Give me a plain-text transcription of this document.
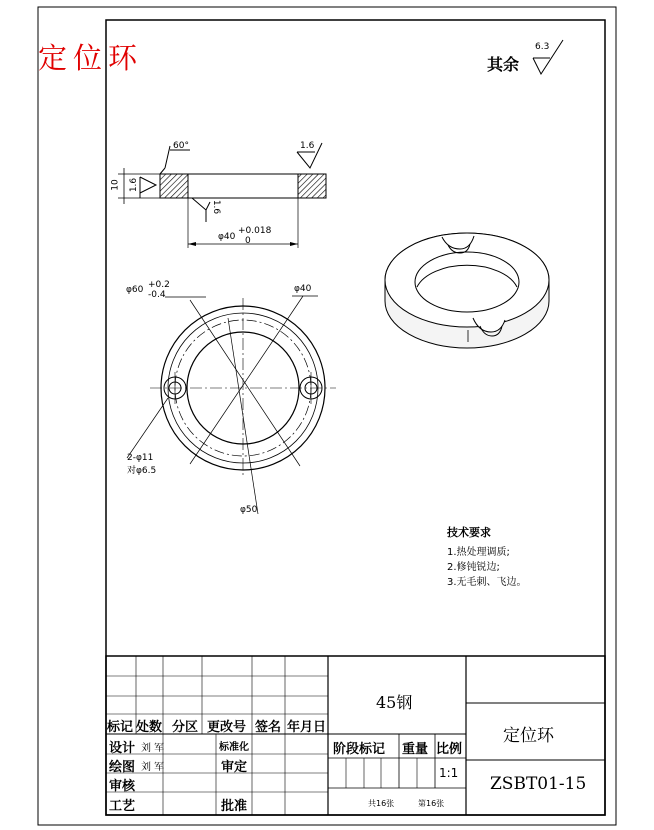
定位环	其余
6.3
60°	1.6
1.6
1.6
10
φ40
+0.018
0
φ60 +0.2
-0.4
φ40
φ50
2-φ11
对φ6.5
技术要求
1.热处理调质;
2.修钝锐边;
3.无毛刺、飞边。
标记 处数 分区 更改号 签名 年月日
设计 刘 军	标准化
绘图 刘 军	审定
审核
工艺	批准
45钢
阶段标记 重量 比例
1:1
共16张	第16张
定位环
ZSBT01-15
